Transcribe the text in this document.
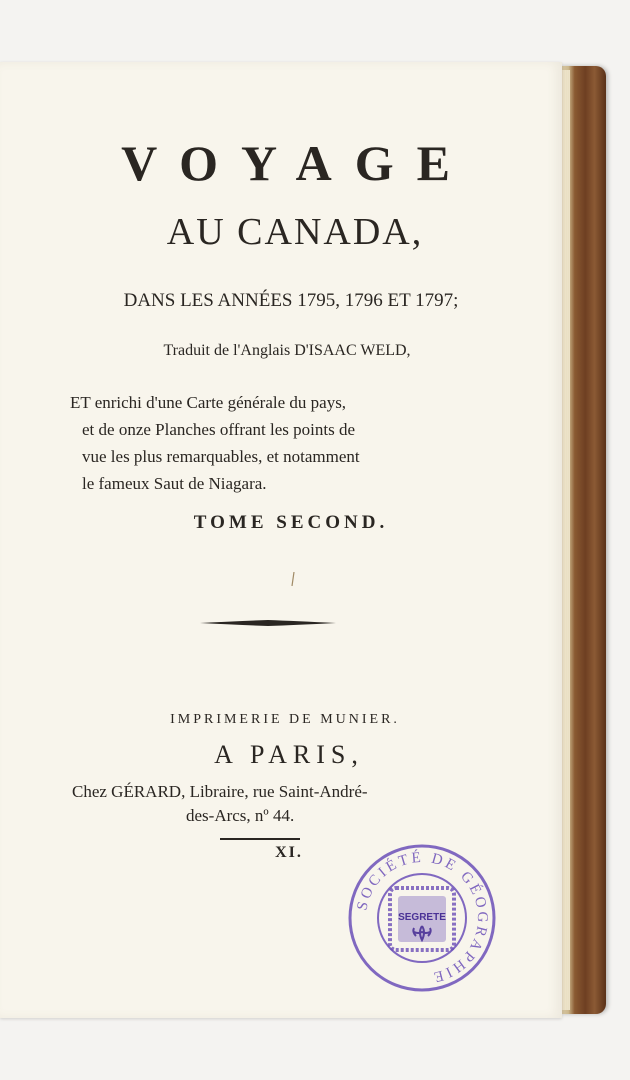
VOYAGE
AU CANADA,
DANS LES ANNÉES 1795, 1796 ET 1797;
Traduit de l'Anglais D'ISAAC WELD,
ET enrichi d'une Carte générale du pays,
et de onze Planches offrant les points de
vue les plus remarquables, et notamment
le fameux Saut de Niagara.
TOME SECOND.
IMPRIMERIE DE MUNIER.
A PARIS,
Chez GÉRARD, Libraire, rue Saint-André-
des-Arcs, nº 44.
XI.
SOCIÉTÉ DE GÉOGRAPHIE
SEGRETE
